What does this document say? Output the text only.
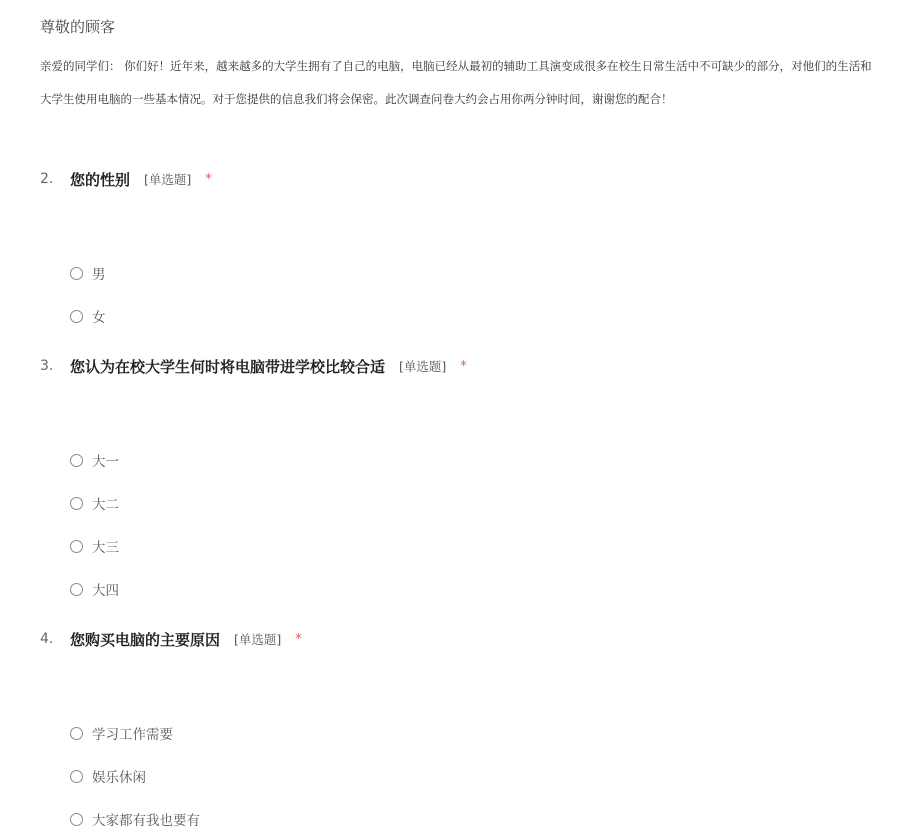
尊敬的顾客
亲爱的同学们： 你们好！近年来，越来越多的大学生拥有了自己的电脑，电脑已经从最初的辅助工具演变成很多在校生日常生活中不可缺少的部分，对他们的生活和
大学生使用电脑的一些基本情况。对于您提供的信息我们将会保密。此次调查问卷大约会占用你两分钟时间，谢谢您的配合！
2.	您的性别 [单选题] *
男
女
3.	您认为在校大学生何时将电脑带进学校比较合适 [单选题] *
大一
大二
大三
大四
4.	您购买电脑的主要原因 [单选题] *
学习工作需要
娱乐休闲
大家都有我也要有
